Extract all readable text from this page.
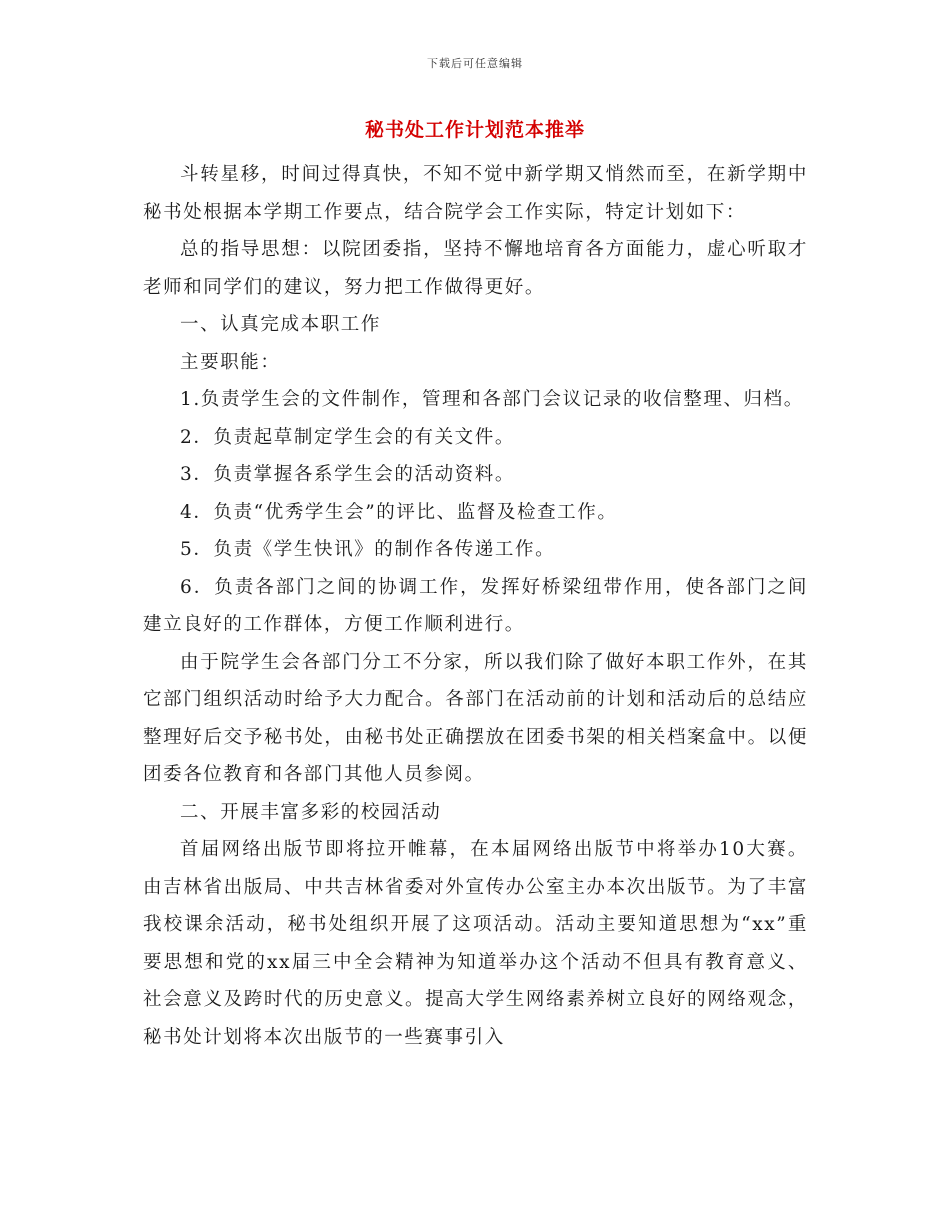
下载后可任意编辑
秘书处工作计划范本推举

斗转星移，时间过得真快，不知不觉中新学期又悄然而至，在新学期中秘书处根据本学期工作要点，结合院学会工作实际，特定计划如下：

总的指导思想：以院团委指，坚持不懈地培育各方面能力，虚心听取才老师和同学们的建议，努力把工作做得更好。

一、认真完成本职工作

主要职能：

1.负责学生会的文件制作，管理和各部门会议记录的收信整理、归档。

2．负责起草制定学生会的有关文件。

3．负责掌握各系学生会的活动资料。

4．负责“优秀学生会”的评比、监督及检查工作。

5．负责《学生快讯》的制作各传递工作。

6．负责各部门之间的协调工作，发挥好桥梁纽带作用，使各部门之间建立良好的工作群体，方便工作顺利进行。

由于院学生会各部门分工不分家，所以我们除了做好本职工作外，在其它部门组织活动时给予大力配合。各部门在活动前的计划和活动后的总结应整理好后交予秘书处，由秘书处正确摆放在团委书架的相关档案盒中。以便团委各位教育和各部门其他人员参阅。

二、开展丰富多彩的校园活动

首届网络出版节即将拉开帷幕，在本届网络出版节中将举办10大赛。由吉林省出版局、中共吉林省委对外宣传办公室主办本次出版节。为了丰富我校课余活动，秘书处组织开展了这项活动。活动主要知道思想为“xx”重要思想和党的xx届三中全会精神为知道举办这个活动不但具有教育意义、社会意义及跨时代的历史意义。提高大学生网络素养树立良好的网络观念，秘书处计划将本次出版节的一些赛事引入
